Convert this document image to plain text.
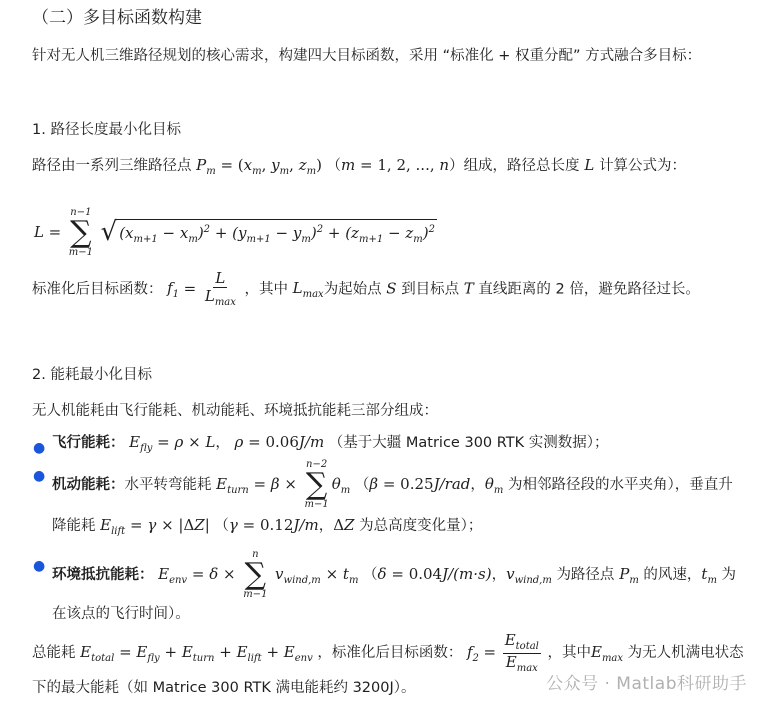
（二）多目标函数构建
针对无人机三维路径规划的核心需求，构建四大目标函数，采用 “标准化 + 权重分配” 方式融合多目标：
1. 路径长度最小化目标
路径由一系列三维路径点 $P_m = (x_m$, $y_m$, $z_m$) （m = 1, 2, ..., n）组成，路径总长度 L 计算公式为：
L =
n−1
∑
m−1

√ $(x_{m+1} - x_m)^2 + (y_{m+1} - y_m)^2 + (z_{m+1} - z_m)^2$
标准化后目标函数： $f_1 = \frac{L}{L_{max}}$ ，其中 $L_{max}$为起始点 S 到目标点 T 直线距离的 2 倍，避免路径过长。
2. 能耗最小化目标
无人机能耗由飞行能耗、机动能耗、环境抵抗能耗三部分组成：
● 飞行能耗： $E_{fly} = \rho \times L$， ρ = 0.06J/m （基于大疆 Matrice 300 RTK 实测数据）；
●
机动能耗：水平转弯能耗 $E_{turn} = \beta$ ×
n−2
∑
m−1
$\theta_m$ （β = 0.25J/rad，$\theta_m$ 为相邻路径段的水平夹角），垂直升降能耗 $E_{lift} = \gamma \times |\Delta Z|$ （γ = 0.12J/m，ΔZ 为总高度变化量）；
●
环境抵抗能耗： $E_{env} = \delta$ ×
n
∑
m−1
$v_{wind,m} \times t_m$ （δ = 0.04J/(m·s)，$v_{wind,m}$ 为路径点 $P_m$ 的风速，$t_m$ 为在该点的飞行时间）。
总能耗 $E_{total} = E_{fly} + E_{turn} + E_{lift} + E_{env}$ ，标准化后目标函数： $f_2 = \frac{E_{total}}{E_{max}}$ ，其中$E_{max}$ 为无人机满电状态下的最大能耗（如 Matrice 300 RTK 满电能耗约 3200J）。	公众号 · Matlab科研助手
